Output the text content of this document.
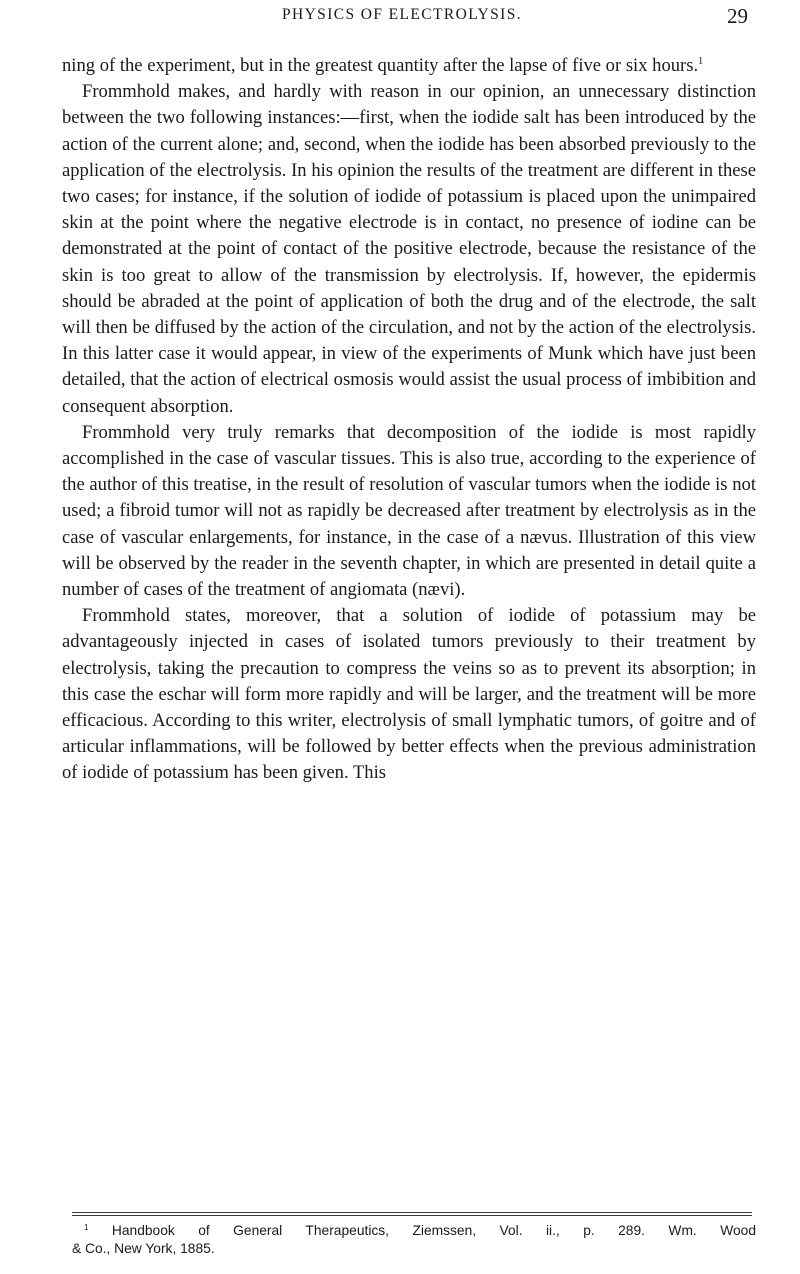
PHYSICS OF ELECTROLYSIS.	29

ning of the experiment, but in the greatest quantity after the lapse of five or six hours.$^1$

Frommhold makes, and hardly with reason in our opinion, an unnecessary distinction between the two following instances:—first, when the iodide salt has been introduced by the action of the current alone; and, second, when the iodide has been absorbed previously to the application of the electrolysis. In his opinion the results of the treatment are different in these two cases; for instance, if the solution of iodide of potassium is placed upon the unimpaired skin at the point where the negative electrode is in contact, no presence of iodine can be demonstrated at the point of contact of the positive electrode, because the resistance of the skin is too great to allow of the transmission by electrolysis. If, however, the epidermis should be abraded at the point of application of both the drug and of the electrode, the salt will then be diffused by the action of the circulation, and not by the action of the electrolysis. In this latter case it would appear, in view of the experiments of Munk which have just been detailed, that the action of electrical osmosis would assist the usual process of imbibition and consequent absorption.

Frommhold very truly remarks that decomposition of the iodide is most rapidly accomplished in the case of vascular tissues. This is also true, according to the experience of the author of this treatise, in the result of resolution of vascular tumors when the iodide is not used; a fibroid tumor will not as rapidly be decreased after treatment by electrolysis as in the case of vascular enlargements, for instance, in the case of a nævus. Illustration of this view will be observed by the reader in the seventh chapter, in which are presented in detail quite a number of cases of the treatment of angiomata (nævi).

Frommhold states, moreover, that a solution of iodide of potassium may be advantageously injected in cases of isolated tumors previously to their treatment by electrolysis, taking the precaution to compress the veins so as to prevent its absorption; in this case the eschar will form more rapidly and will be larger, and the treatment will be more efficacious. According to this writer, electrolysis of small lymphatic tumors, of goitre and of articular inflammations, will be followed by better effects when the previous administration of iodide of potassium has been given. This

$^1$ Handbook of General Therapeutics, Ziemssen, Vol. ii., p. 289. Wm. Wood
& Co., New York, 1885.
